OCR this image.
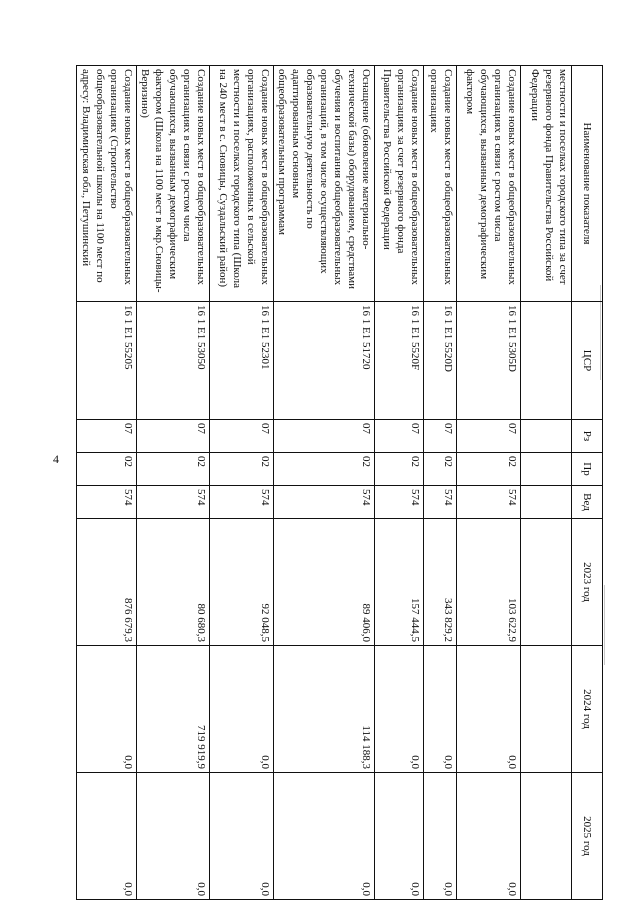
4
Наименование показателя	ЦСР	Рз	Пр	Вед	2023 год	2024 год	2025 год
местности и поселках городского типа за счет резервного фонда Правительства Российской Федерации							
Создание новых мест в общеобразовательных организациях в связи с ростом числа обучающихся, вызванным демографическим фактором	16 1 E1 5305D	07	02	574	103 622,9	0,0	0,0
Создание новых мест в общеобразовательных организациях	16 1 E1 5520D	07	02	574	343 829,2	0,0	0,0
Создание новых мест в общеобразовательных организациях за счет резервного фонда Правительства Российской Федерации	16 1 E1 5520F	07	02	574	157 444,5	0,0	0,0
Оснащение (обновление материально-технической базы) оборудованием, средствами обучения и воспитания общеобразовательных организаций, в том числе осуществляющих образовательную деятельность по адаптированным основным общеобразовательным программам	16 1 E1 51720	07	02	574	89 406,0	114 188,3	0,0
Создание новых мест в общеобразовательных организациях, расположенных в сельской местности и поселках городского типа (Школа на 240 мест в с. Сновицы, Суздальский район)	16 1 E1 52301	07	02	574	92 048,5	0,0	0,0
Создание новых мест в общеобразовательных организациях в связи с ростом числа обучающихся, вызванным демографическим фактором (Школа на 1100 мест в мкр.Сновицы-Веризино)	16 1 E1 53050	07	02	574	80 680,3	719 919,9	0,0
Создание новых мест в общеобразовательных организациях (Строительство общеобразовательной школы на 1100 мест по адресу: Владимирская обл., Петушинский	16 1 E1 55205	07	02	574	876 679,3	0,0	0,0
